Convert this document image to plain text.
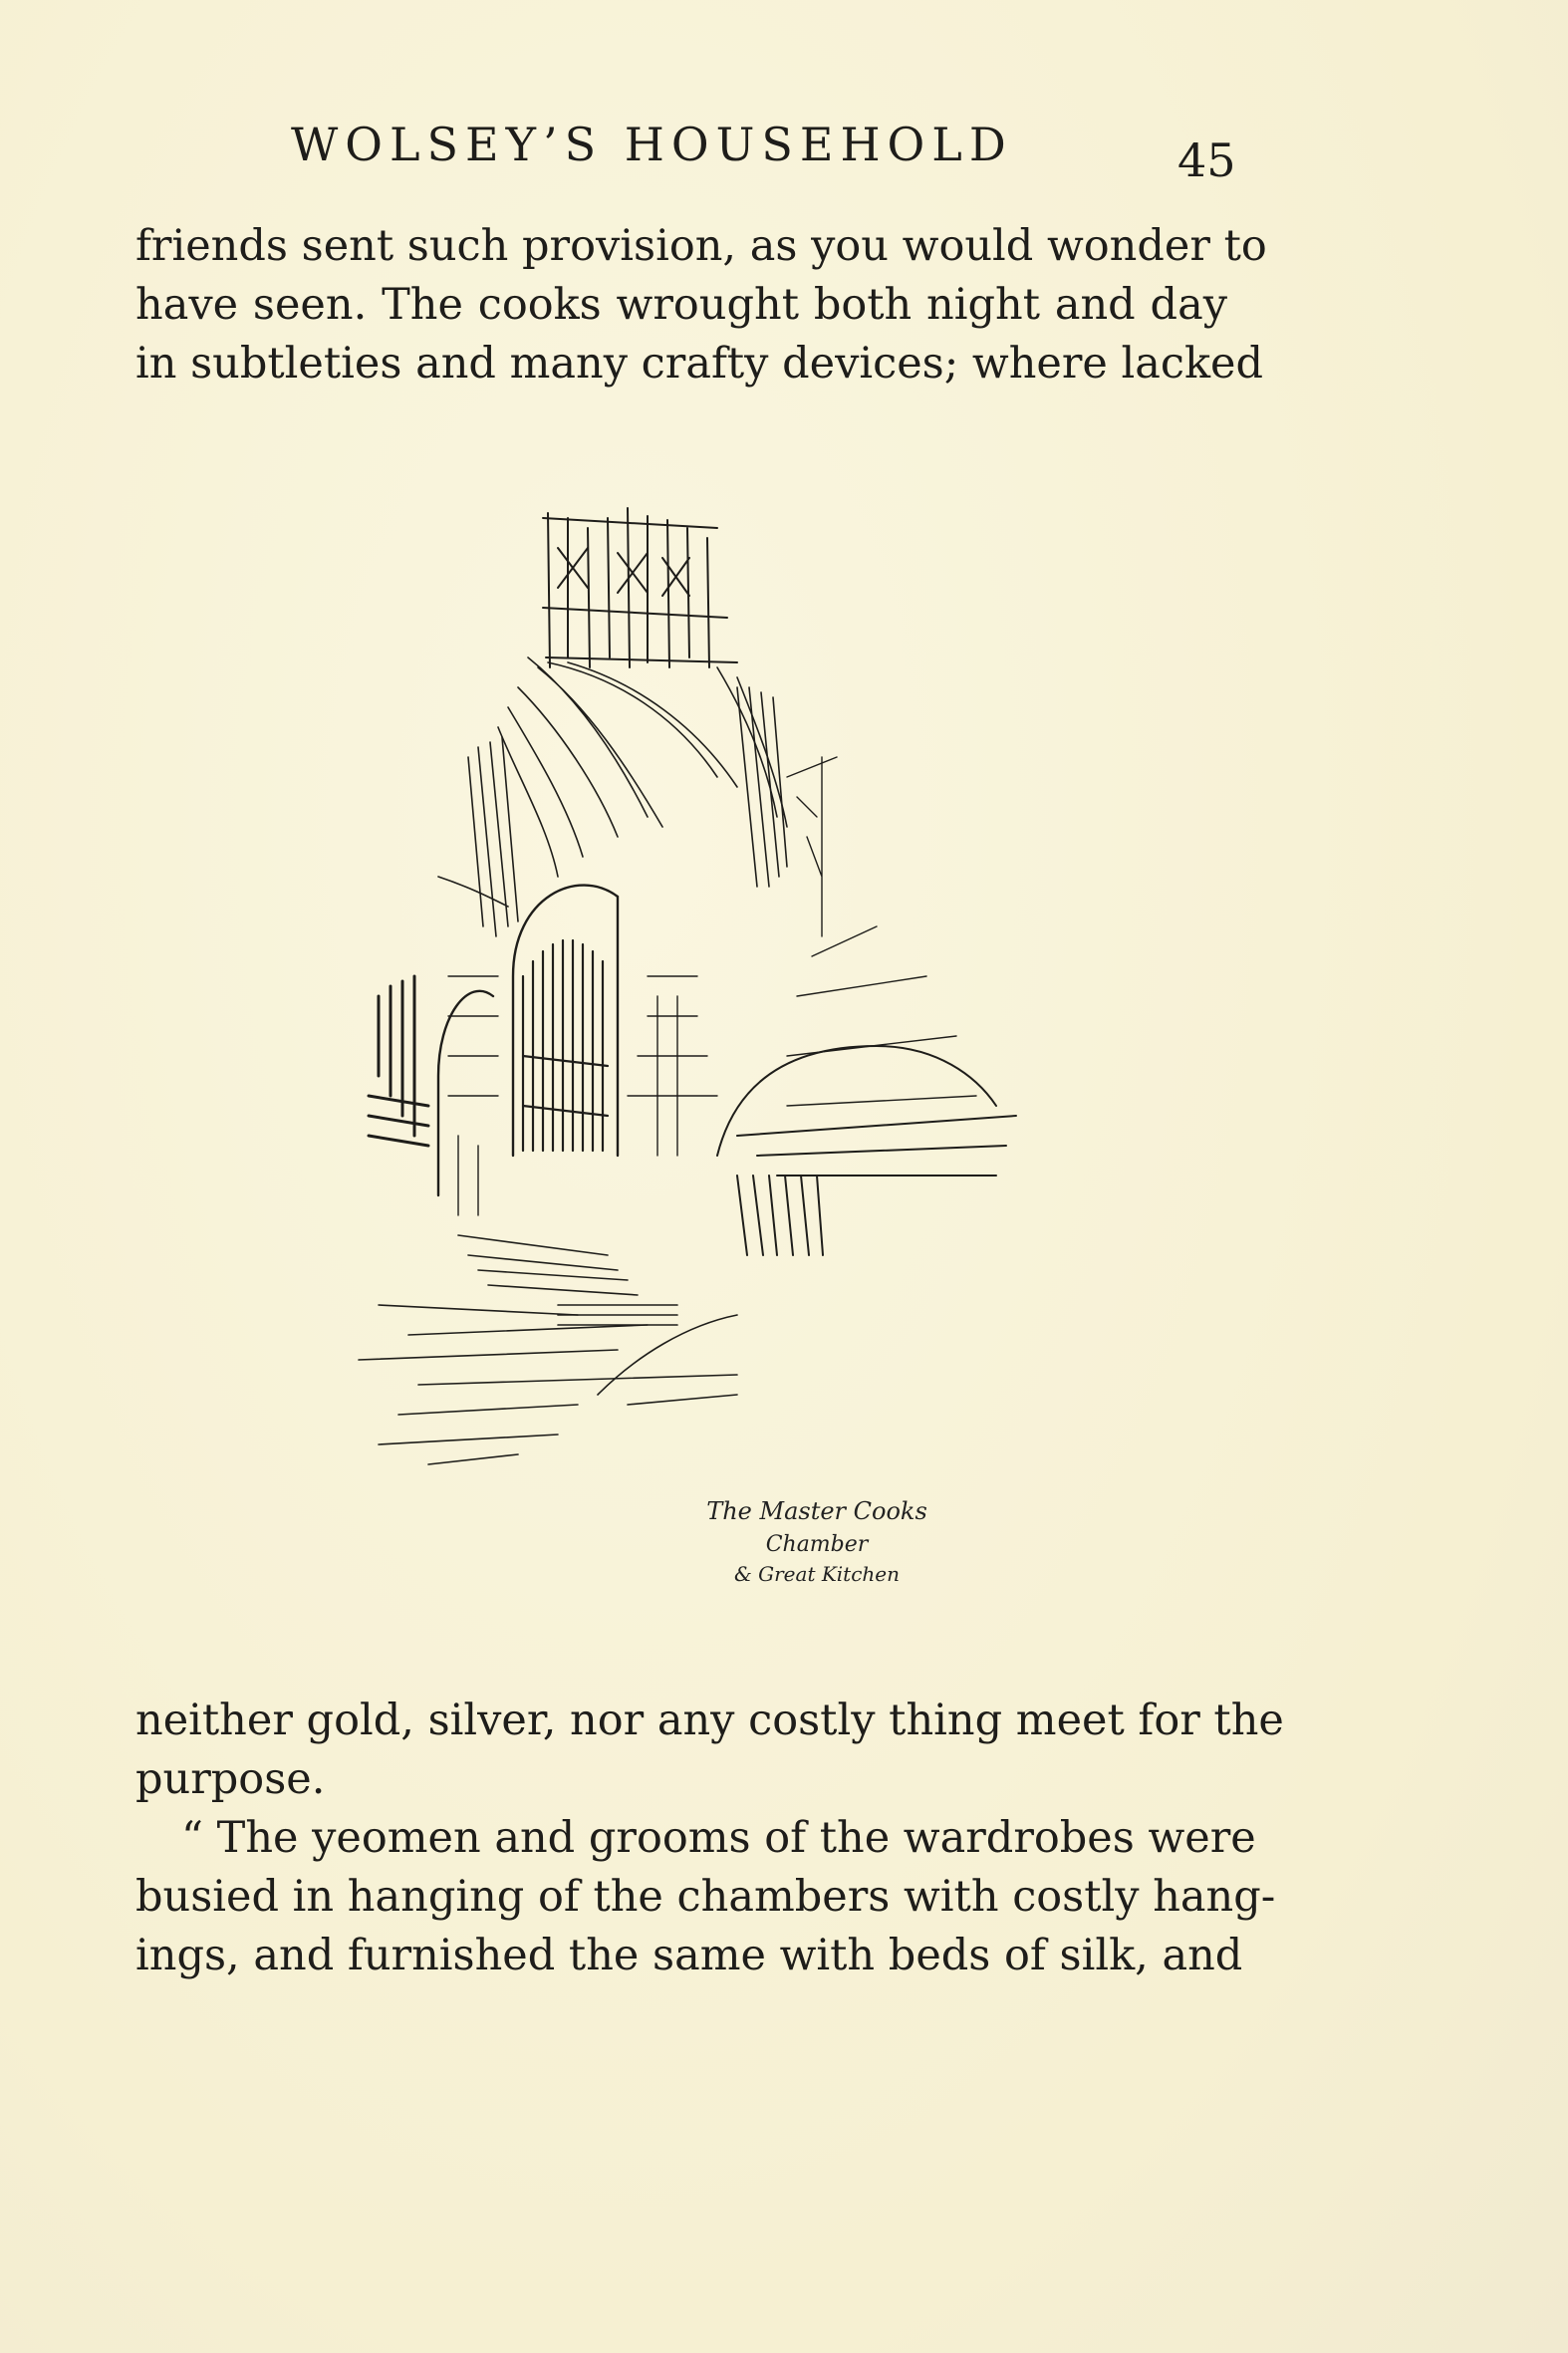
WOLSEY’S HOUSEHOLD	45
friends sent such provision, as you would wonder to
have seen. The cooks wrought both night and day
in subtleties and many crafty devices; where lacked
The Master Cooks
Chamber
& Great Kitchen
neither gold, silver, nor any costly thing meet for the
purpose.
“ The yeomen and grooms of the wardrobes were
busied in hanging of the chambers with costly hang-
ings, and furnished the same with beds of silk, and
